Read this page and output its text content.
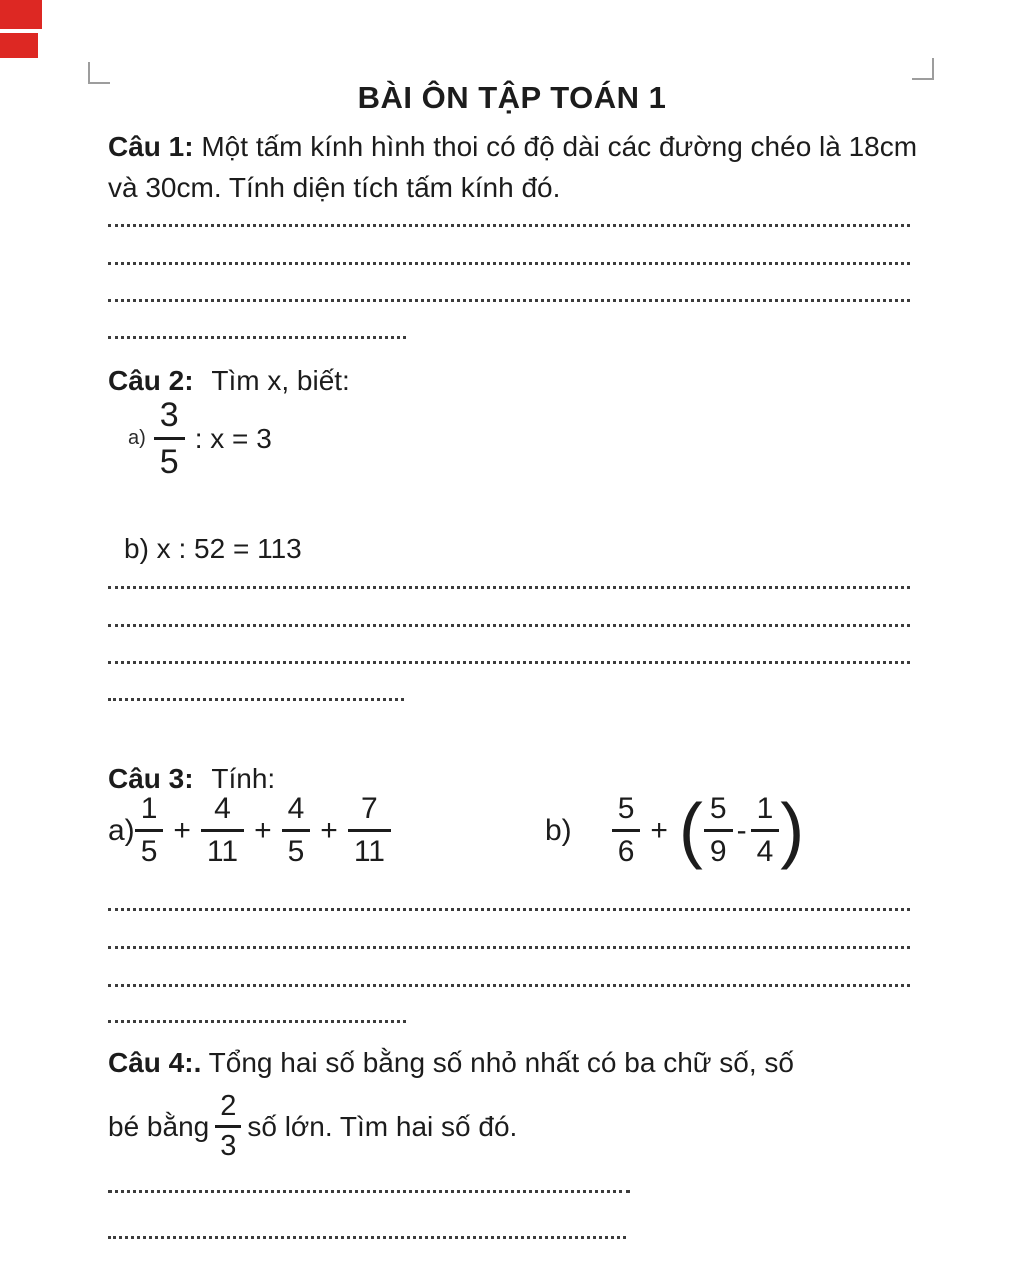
BÀI ÔN TẬP TOÁN 1
Câu 1: Một tấm kính hình thoi có độ dài các đường chéo là 18cm và 30cm. Tính diện tích tấm kính đó.
Câu 2: Tìm x, biết:
$a) \frac{3}{5}$ : x = 3
b) x : 52 = 113
Câu 3: Tính:
$a) \frac{1}{5} + \frac{4}{11} + \frac{4}{5} + \frac{7}{11}$	$b) \frac{5}{6}$ + ( $\frac{5}{9} - \frac{1}{4}$ )
Câu 4:. Tổng hai số bằng số nhỏ nhất có ba chữ số, số
bé bằng $\frac{2}{3}$ số lớn. Tìm hai số đó.
